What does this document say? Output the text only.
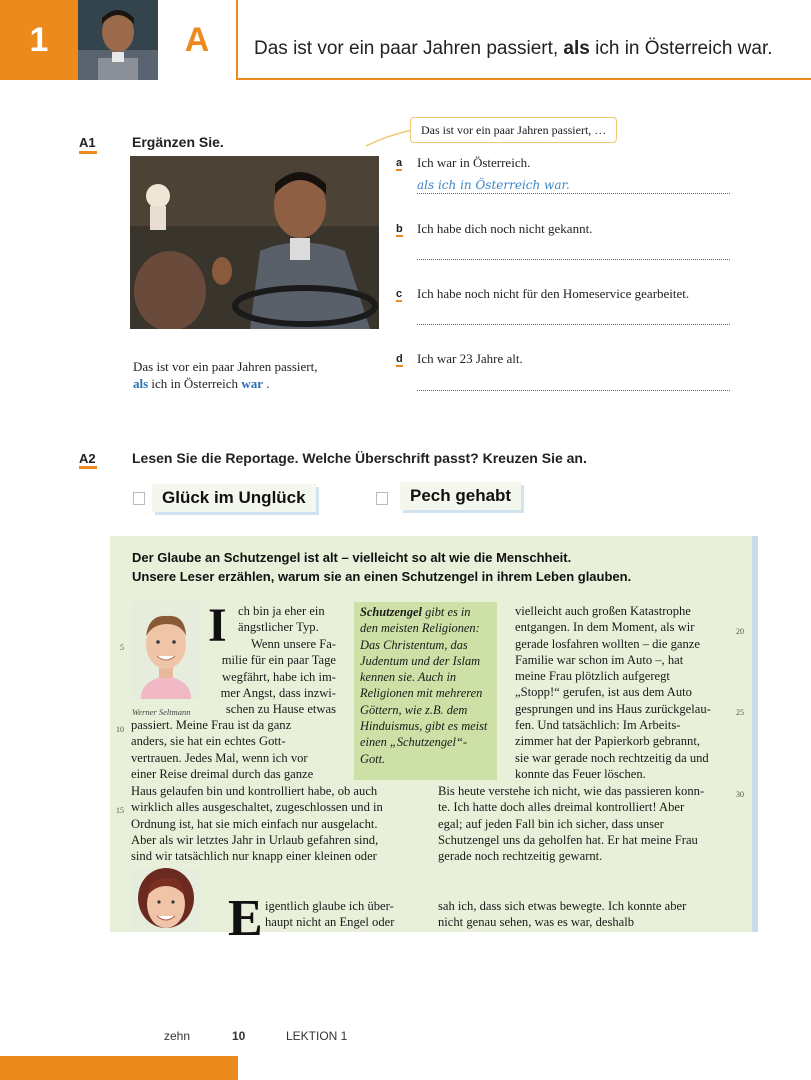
1	A	Das ist vor ein paar Jahren passiert, als ich in Österreich war.
A1	Ergänzen Sie.
Das ist vor ein paar Jahren passiert,
als ich in Österreich war .
Das ist vor ein paar Jahren passiert, …
a Ich war in Österreich.
als ich in Österreich war.
b Ich habe dich noch nicht gekannt.
c Ich habe noch nicht für den Homeservice gearbeitet.
d Ich war 23 Jahre alt.
A2	Lesen Sie die Reportage. Welche Überschrift passt? Kreuzen Sie an.
Glück im Unglück	Pech gehabt
Der Glaube an Schutzengel ist alt – vielleicht so alt wie die Menschheit.
Unsere Leser erzählen, warum sie an einen Schutzengel in ihrem Leben glauben.
Werner Seltmann
5
10
15
20
25
30
I ch bin ja eher ein
ängstlicher Typ.
Wenn unsere Fa-
milie für ein paar Tage
wegfährt, habe ich im-
mer Angst, dass inzwi-
schen zu Hause etwas
passiert. Meine Frau ist da ganz
anders, sie hat ein echtes Gott-
vertrauen. Jedes Mal, wenn ich vor
einer Reise dreimal durch das ganze
Haus gelaufen bin und kontrolliert habe, ob auch
wirklich alles ausgeschaltet, zugeschlossen und in
Ordnung ist, hat sie mich einfach nur ausgelacht.
Aber als wir letztes Jahr in Urlaub gefahren sind,
sind wir tatsächlich nur knapp einer kleinen oder
Schutzengel gibt es in den meisten Religionen: Das Christentum, das Judentum und der Islam kennen sie. Auch in Religionen mit mehreren Göttern, wie z.B. dem Hinduismus, gibt es meist einen „Schutzengel“-Gott.
vielleicht auch großen Katastrophe
entgangen. In dem Moment, als wir
gerade losfahren wollten – die ganze
Familie war schon im Auto –, hat
meine Frau plötzlich aufgeregt
„Stopp!“ gerufen, ist aus dem Auto
gesprungen und ins Haus zurückgelau-
fen. Und tatsächlich: Im Arbeits-
zimmer hat der Papierkorb gebrannt,
sie war gerade noch rechtzeitig da und
konnte das Feuer löschen.
Bis heute verstehe ich nicht, wie das passieren konn-
te. Ich hatte doch alles dreimal kontrolliert! Aber
egal; auf jeden Fall bin ich sicher, dass unser
Schutzengel uns da geholfen hat. Er hat meine Frau
gerade noch rechtzeitig gewarnt.
E igentlich glaube ich über-
haupt nicht an Engel oder
sah ich, dass sich etwas bewegte. Ich konnte aber
nicht genau sehen, was es war, deshalb
zehn	10	LEKTION 1
